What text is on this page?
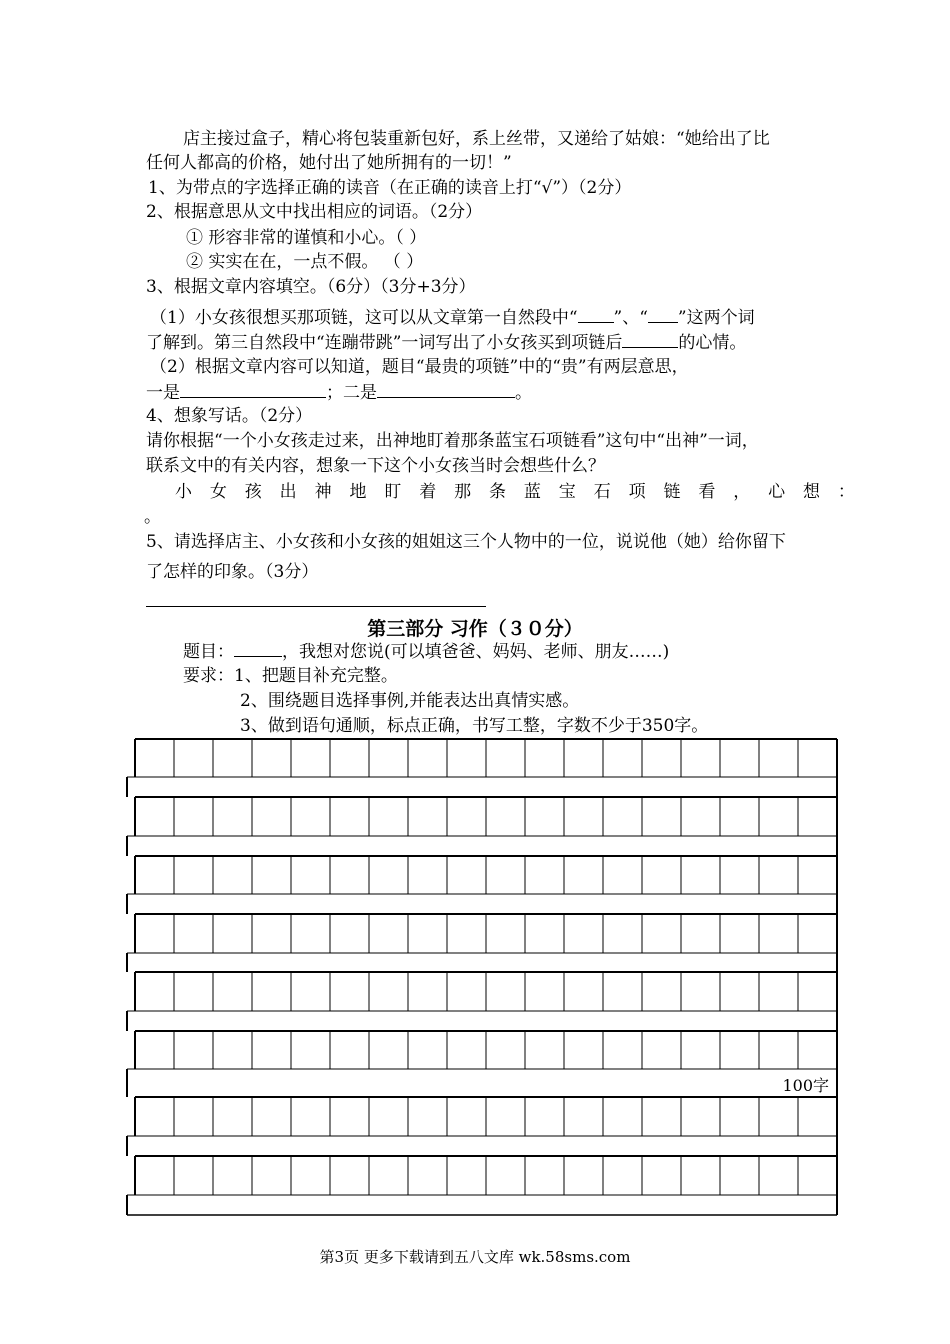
店主接过盒子，精心将包装重新包好，系上丝带，又递给了姑娘：“她给出了比
任何人都高的价格，她付出了她所拥有的一切！”
1、为带点的字选择正确的读音（在正确的读音上打“√”）（2分）
2、根据意思从文中找出相应的词语。（2分）
① 形容非常的谨慎和小心。（ ）
② 实实在在，一点不假。 （ ）
3、根据文章内容填空。（6分）（3分+3分）
（1）小女孩很想买那项链，这可以从文章第一自然段中“ ”、“ ”这两个词
了解到。第三自然段中“连蹦带跳”一词写出了小女孩买到项链后	的心情。
（2）根据文章内容可以知道，题目“最贵的项链”中的“贵”有两层意思，
一是	；二是	。
4、想象写话。（2分）
请你根据“一个小女孩走过来，出神地盯着那条蓝宝石项链看”这句中“出神”一词，
联系文中的有关内容，想象一下这个小女孩当时会想些什么？
小 女 孩 出 神 地 盯 着 那 条 蓝 宝 石 项 链 看 ， 心 想 ：
。
5、请选择店主、小女孩和小女孩的姐姐这三个人物中的一位，说说他（她）给你留下
了怎样的印象。（3分）
第三部分 习作（３０分）
题目：	，我想对您说(可以填爸爸、妈妈、老师、朋友……)
要求：1、把题目补充完整。
2、围绕题目选择事例,并能表达出真情实感。
3、做到语句通顺，标点正确，书写工整，字数不少于350字。
100字
第3页 更多下载请到五八文库 wk.58sms.com
